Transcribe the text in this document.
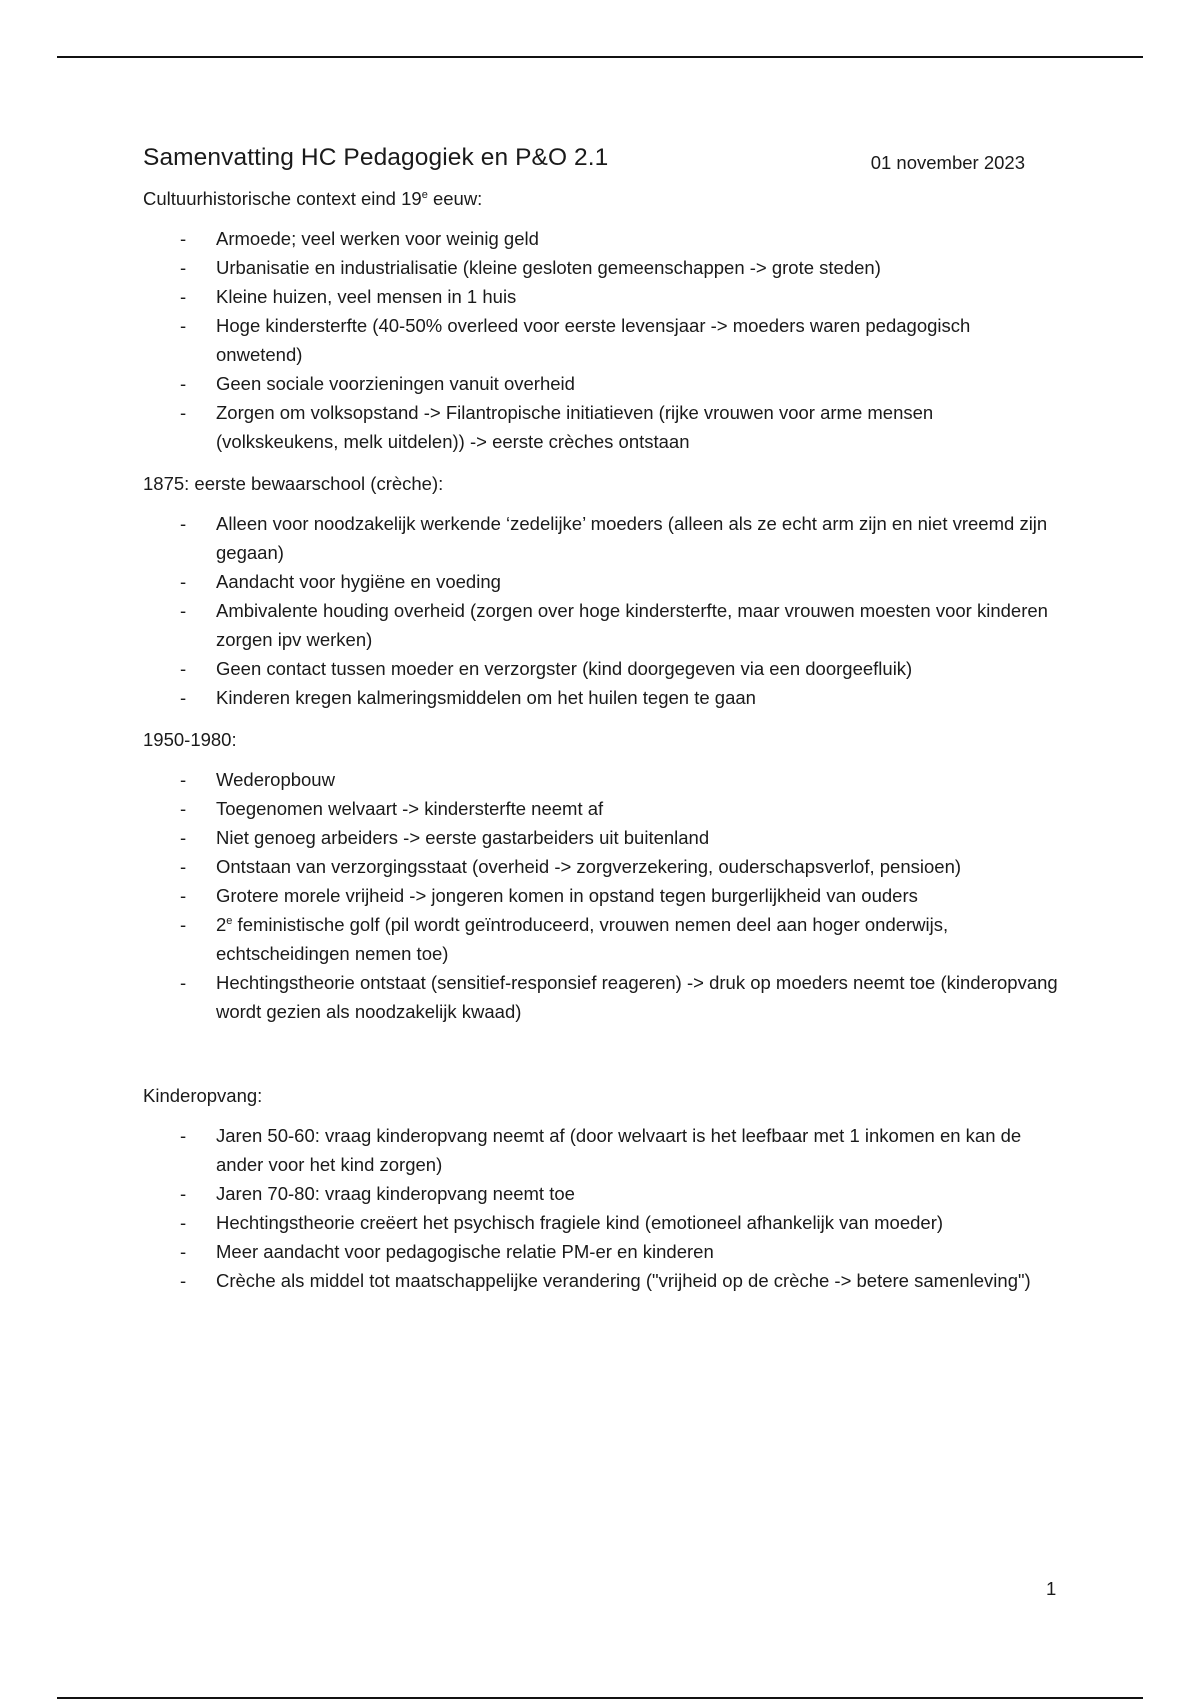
Samenvatting HC Pedagogiek en P&O 2.1	01 november 2023

Cultuurhistorische context eind 19e eeuw:

- Armoede; veel werken voor weinig geld
- Urbanisatie en industrialisatie (kleine gesloten gemeenschappen -> grote steden)
- Kleine huizen, veel mensen in 1 huis
- Hoge kindersterfte (40-50% overleed voor eerste levensjaar -> moeders waren pedagogisch onwetend)
- Geen sociale voorzieningen vanuit overheid
- Zorgen om volksopstand -> Filantropische initiatieven (rijke vrouwen voor arme mensen (volkskeukens, melk uitdelen)) -> eerste crèches ontstaan

1875: eerste bewaarschool (crèche):

- Alleen voor noodzakelijk werkende ‘zedelijke’ moeders (alleen als ze echt arm zijn en niet vreemd zijn gegaan)
- Aandacht voor hygiëne en voeding
- Ambivalente houding overheid (zorgen over hoge kindersterfte, maar vrouwen moesten voor kinderen zorgen ipv werken)
- Geen contact tussen moeder en verzorgster (kind doorgegeven via een doorgeefluik)
- Kinderen kregen kalmeringsmiddelen om het huilen tegen te gaan

1950-1980:

- Wederopbouw
- Toegenomen welvaart -> kindersterfte neemt af
- Niet genoeg arbeiders -> eerste gastarbeiders uit buitenland
- Ontstaan van verzorgingsstaat (overheid -> zorgverzekering, ouderschapsverlof, pensioen)
- Grotere morele vrijheid -> jongeren komen in opstand tegen burgerlijkheid van ouders
- 2e feministische golf (pil wordt geïntroduceerd, vrouwen nemen deel aan hoger onderwijs, echtscheidingen nemen toe)
- Hechtingstheorie ontstaat (sensitief-responsief reageren) -> druk op moeders neemt toe (kinderopvang wordt gezien als noodzakelijk kwaad)

Kinderopvang:

- Jaren 50-60: vraag kinderopvang neemt af (door welvaart is het leefbaar met 1 inkomen en kan de ander voor het kind zorgen)
- Jaren 70-80: vraag kinderopvang neemt toe
- Hechtingstheorie creëert het psychisch fragiele kind (emotioneel afhankelijk van moeder)
- Meer aandacht voor pedagogische relatie PM-er en kinderen
- Crèche als middel tot maatschappelijke verandering ("vrijheid op de crèche -> betere samenleving")
1
